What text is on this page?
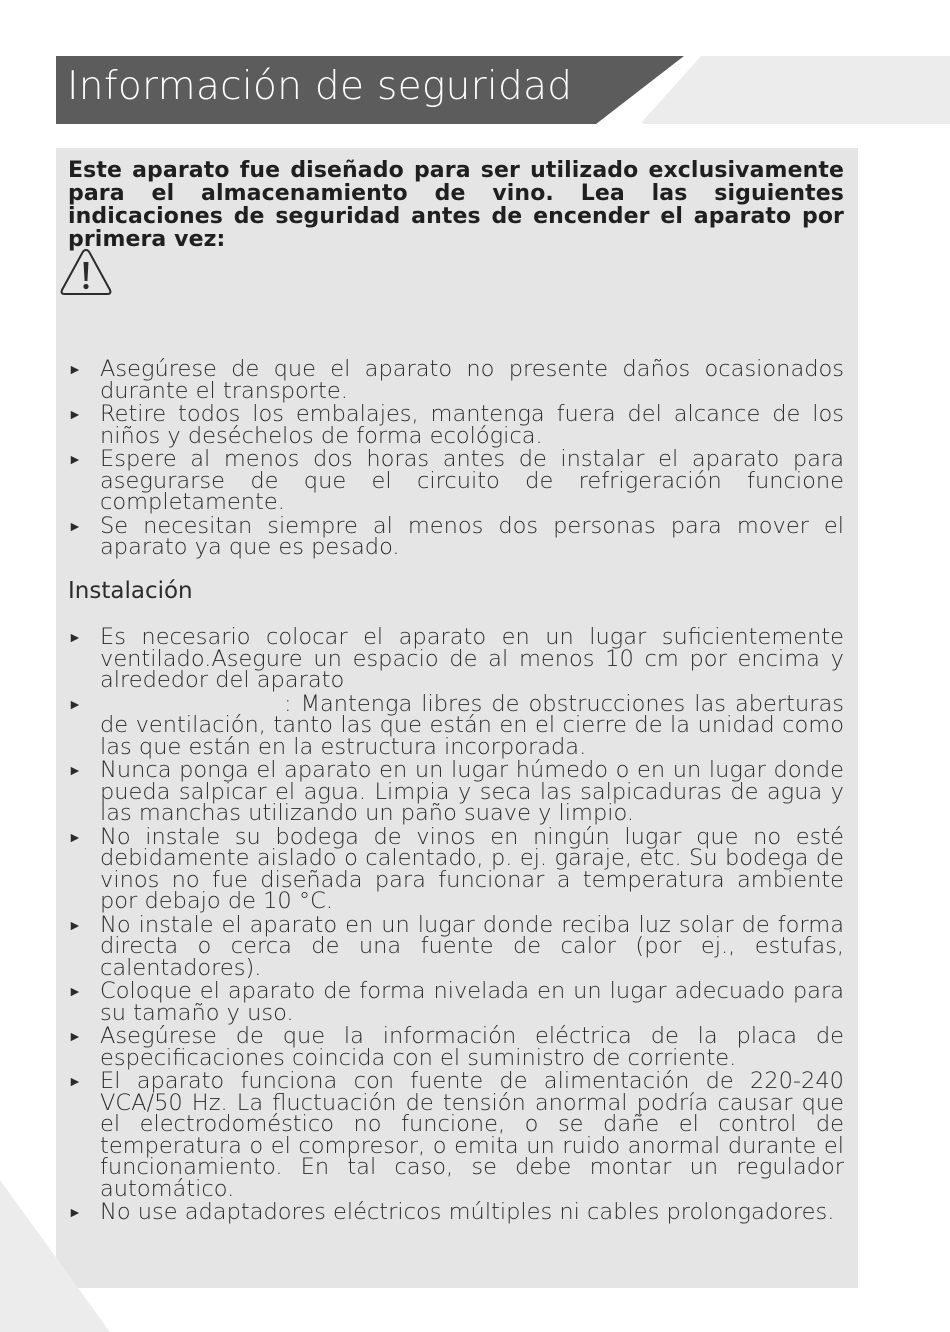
Información de seguridad

Este aparato fue diseñado para ser utilizado exclusivamente para el almacenamiento de vino. Lea las siguientes indicaciones de seguridad antes de encender el aparato por primera vez:

► Asegúrese de que el aparato no presente daños ocasionados durante el transporte.
► Retire todos los embalajes, mantenga fuera del alcance de los niños y deséchelos de forma ecológica.
► Espere al menos dos horas antes de instalar el aparato para asegurarse de que el circuito de refrigeración funcione completamente.
► Se necesitan siempre al menos dos personas para mover el aparato ya que es pesado.
Instalación
► Es necesario colocar el aparato en un lugar suficientemente ventilado.Asegure un espacio de al menos 10 cm por encima y alrededor del aparato
►	: Mantenga libres de obstrucciones las aberturas de ventilación, tanto las que están en el cierre de la unidad como las que están en la estructura incorporada.
► Nunca ponga el aparato en un lugar húmedo o en un lugar donde pueda salpicar el agua. Limpia y seca las salpicaduras de agua y las manchas utilizando un paño suave y limpio.
► No instale su bodega de vinos en ningún lugar que no esté debidamente aislado o calentado, p. ej. garaje, etc. Su bodega de vinos no fue diseñada para funcionar a temperatura ambiente por debajo de 10 °C.
► No instale el aparato en un lugar donde reciba luz solar de forma directa o cerca de una fuente de calor (por ej., estufas, calentadores).
► Coloque el aparato de forma nivelada en un lugar adecuado para su tamaño y uso.
► Asegúrese de que la información eléctrica de la placa de especificaciones coincida con el suministro de corriente.
► El aparato funciona con fuente de alimentación de 220-240 VCA/50 Hz. La fluctuación de tensión anormal podría causar que el electrodoméstico no funcione, o se dañe el control de temperatura o el compresor, o emita un ruido anormal durante el funcionamiento. En tal caso, se debe montar un regulador automático.
► No use adaptadores eléctricos múltiples ni cables prolongadores.
